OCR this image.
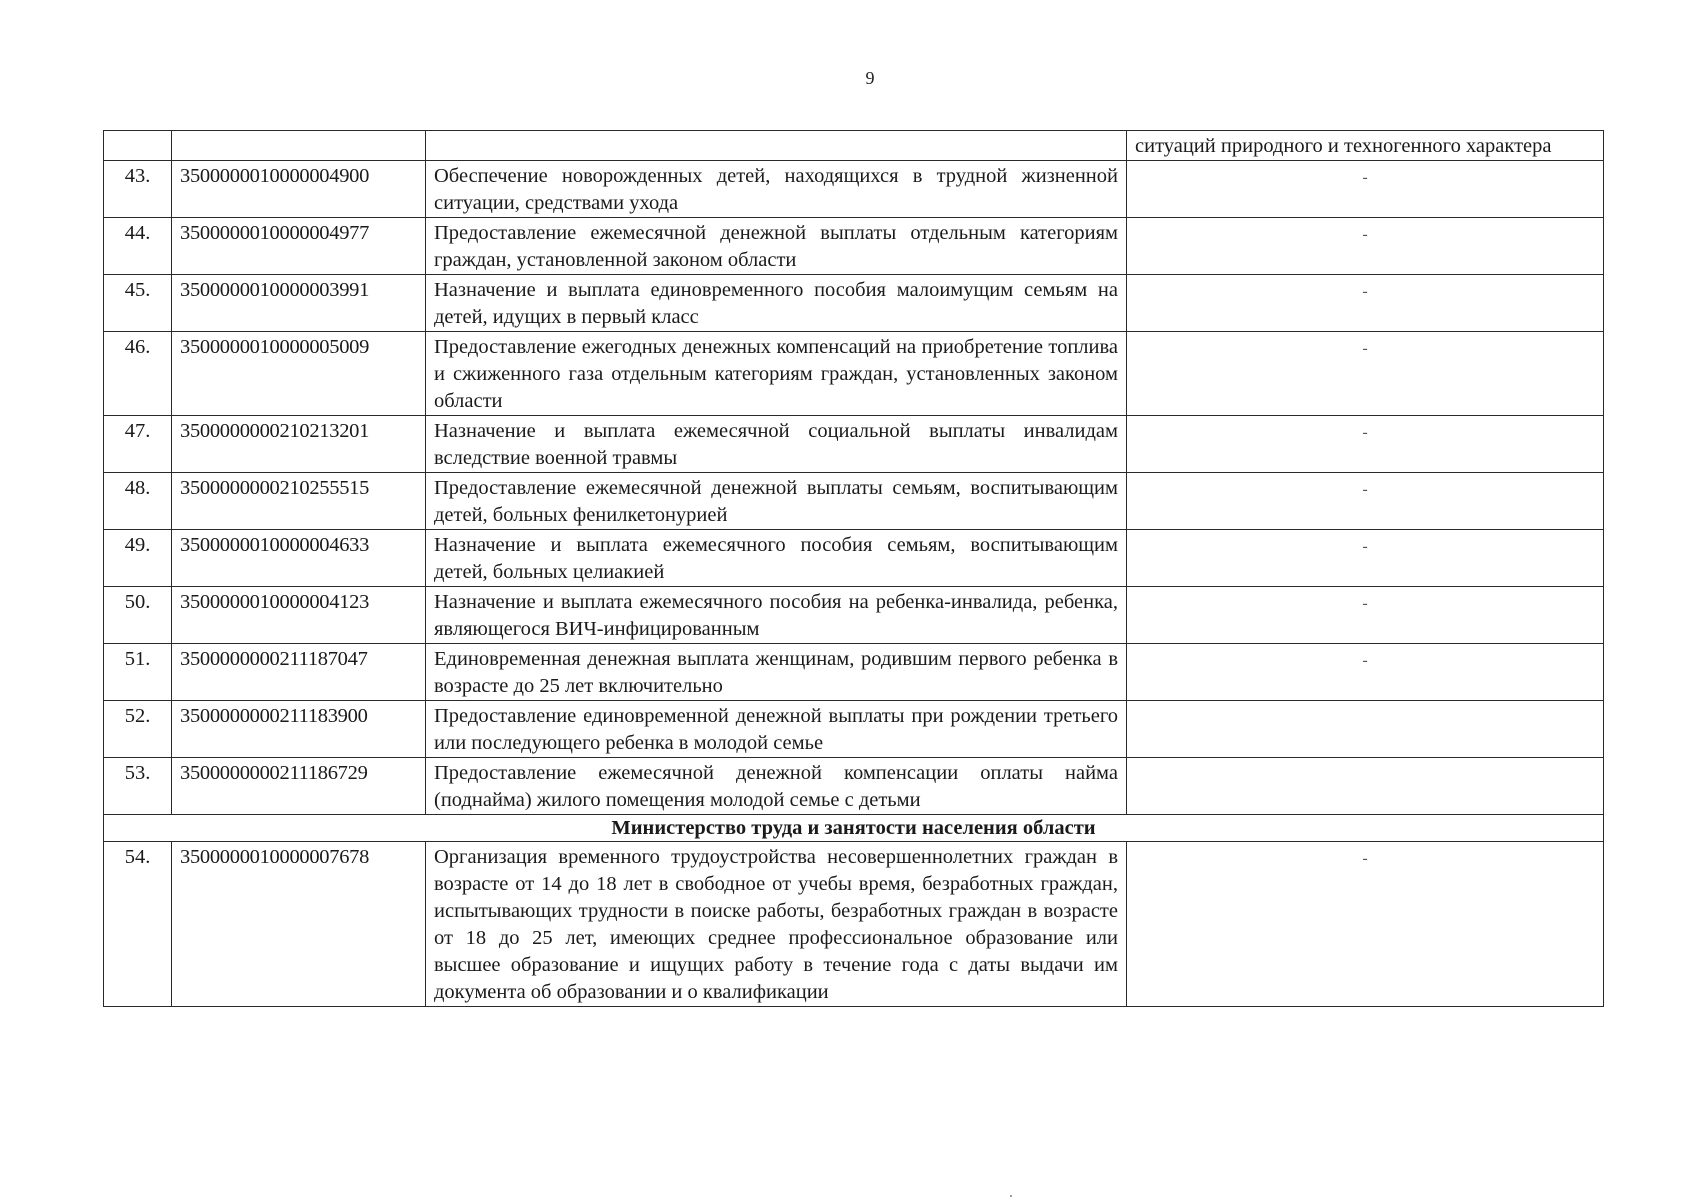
9
			ситуаций природного и техногенного характера
43.	3500000010000004900	Обеспечение новорожденных детей, находящихся в трудной жизненной ситуации, средствами ухода	-
44.	3500000010000004977	Предоставление ежемесячной денежной выплаты отдельным категориям граждан, установленной законом области	-
45.	3500000010000003991	Назначение и выплата единовременного пособия малоимущим семьям на детей, идущих в первый класс	-
46.	3500000010000005009	Предоставление ежегодных денежных компенсаций на приобретение топлива и сжиженного газа отдельным категориям граждан, установленных законом области	-
47.	3500000000210213201	Назначение и выплата ежемесячной социальной выплаты инвалидам вследствие военной травмы	-
48.	3500000000210255515	Предоставление ежемесячной денежной выплаты семьям, воспитывающим детей, больных фенилкетонурией	-
49.	3500000010000004633	Назначение и выплата ежемесячного пособия семьям, воспитывающим детей, больных целиакией	-
50.	3500000010000004123	Назначение и выплата ежемесячного пособия на ребенка-инвалида, ребенка, являющегося ВИЧ-инфицированным	-
51.	3500000000211187047	Единовременная денежная выплата женщинам, родившим первого ребенка в возрасте до 25 лет включительно	-
52.	3500000000211183900	Предоставление единовременной денежной выплаты при рождении третьего или последующего ребенка в молодой семье	
53.	3500000000211186729	Предоставление ежемесячной денежной компенсации оплаты найма (поднайма) жилого помещения молодой семье с детьми	
Министерство труда и занятости населения области			
54.	3500000010000007678	Организация временного трудоустройства несовершеннолетних граждан в возрасте от 14 до 18 лет в свободное от учебы время, безработных граждан, испытывающих трудности в поиске работы, безработных граждан в возрасте от 18 до 25 лет, имеющих среднее профессиональное образование или высшее образование и ищущих работу в течение года с даты выдачи им документа об образовании и о квалификации	-
